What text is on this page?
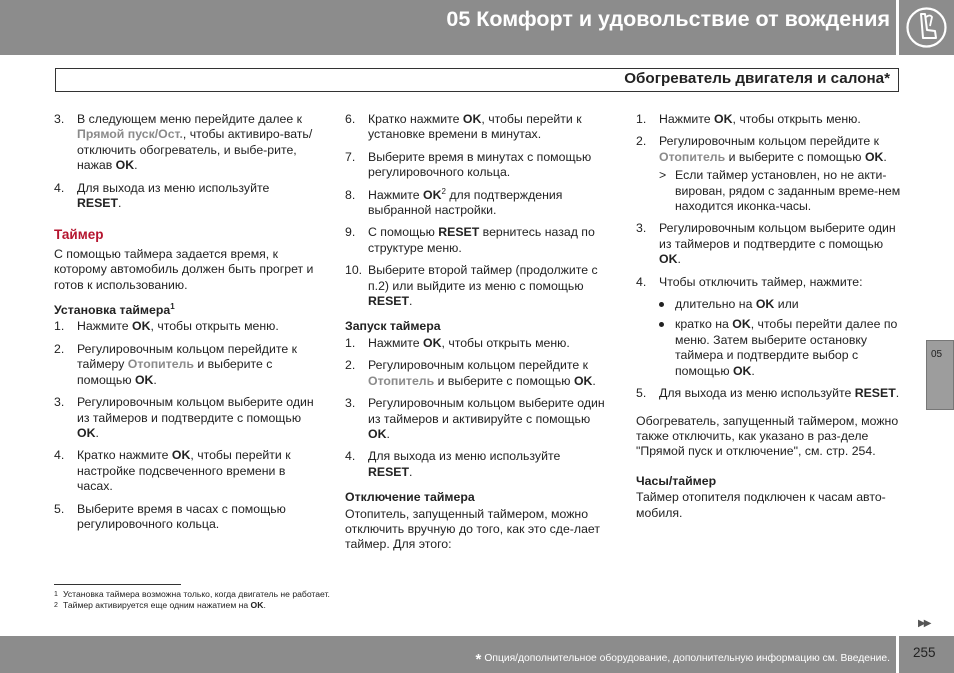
05 Комфорт и удовольствие от вождения
Обогреватель двигателя и салона*
3. В следующем меню перейдите далее к Прямой пуск/Ост., чтобы активиро-вать/отключить обогреватель, и выбе-рите, нажав OK.
4. Для выхода из меню используйте RESET.
Таймер

С помощью таймера задается время, к которому автомобиль должен быть прогрет и готов к использованию.

Установка таймера$^1$
1. Нажмите OK, чтобы открыть меню.
2. Регулировочным кольцом перейдите к таймеру Отопитель и выберите с помощью OK.
3. Регулировочным кольцом выберите один из таймеров и подтвердите с помощью OK.
4. Кратко нажмите OK, чтобы перейти к настройке подсвеченного времени в часах.
5. Выберите время в часах с помощью регулировочного кольца.
6. Кратко нажмите OK, чтобы перейти к установке времени в минутах.
7. Выберите время в минутах с помощью регулировочного кольца.
8. Нажмите $OK^2$ для подтверждения выбранной настройки.
9. С помощью RESET вернитесь назад по структуре меню.
10. Выберите второй таймер (продолжите с п.2) или выйдите из меню с помощью RESET.
Запуск таймера
1. Нажмите OK, чтобы открыть меню.
2. Регулировочным кольцом перейдите к Отопитель и выберите с помощью OK.
3. Регулировочным кольцом выберите один из таймеров и активируйте с помощью OK.
4. Для выхода из меню используйте RESET.
Отключение таймера

Отопитель, запущенный таймером, можно отключить вручную до того, как это сде-лает таймер. Для этого:

1. Нажмите OK, чтобы открыть меню.
2. Регулировочным кольцом перейдите к Отопитель и выберите с помощью OK.
> Если таймер установлен, но не акти-вирован, рядом с заданным време-нем находится иконка-часы.
3. Регулировочным кольцом выберите один из таймеров и подтвердите с помощью OK.
4. Чтобы отключить таймер, нажмите:
длительно на OK или
кратко на OK, чтобы перейти далее по меню. Затем выберите остановку таймера и подтвердите выбор с помощью OK.
5. Для выхода из меню используйте RESET.

Обогреватель, запущенный таймером, можно также отключить, как указано в раз-деле "Прямой пуск и отключение", см. стр. 254.

Часы/таймер

Таймер отопителя подключен к часам авто-мобиля.

1 Установка таймера возможна только, когда двигатель не работает.
2 Таймер активируется еще одним нажатием на OK.
▶▶
05
* Опция/дополнительное оборудование, дополнительную информацию см. Введение. 255
